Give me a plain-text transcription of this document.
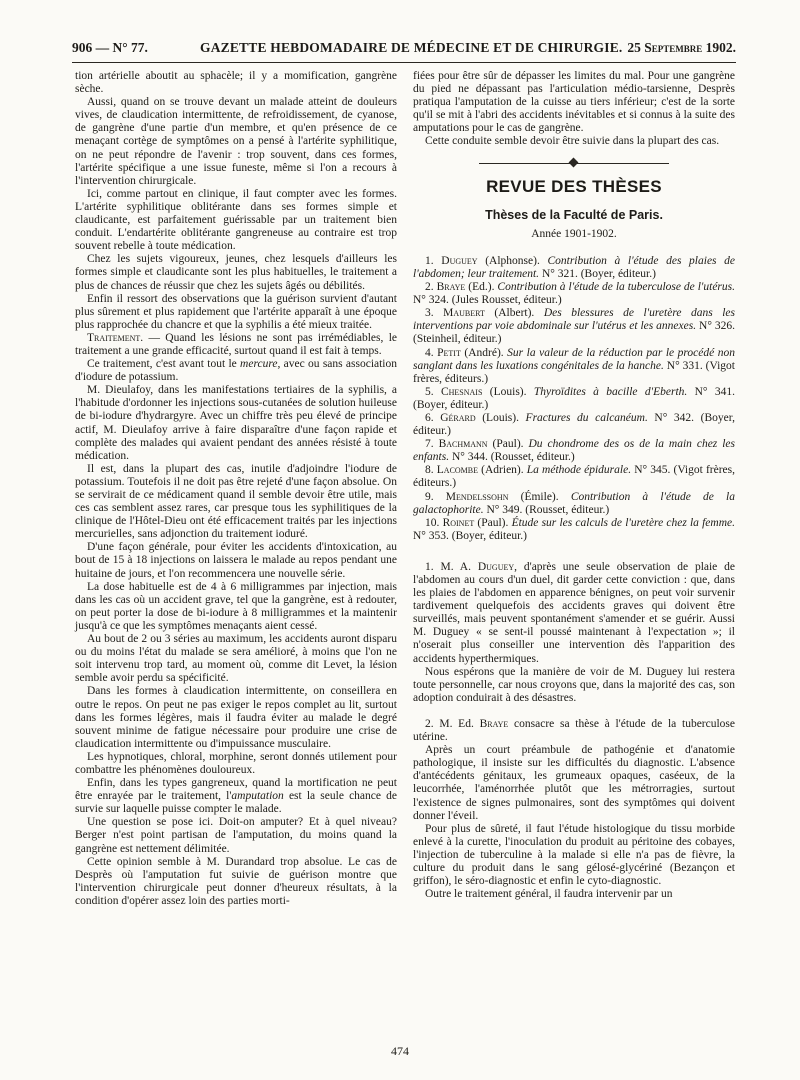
906 — N° 77.	GAZETTE HEBDOMADAIRE DE MÉDECINE ET DE CHIRURGIE. 25 Septembre 1902.

tion artérielle aboutit au sphacèle; il y a momification, gangrène sèche.

Aussi, quand on se trouve devant un malade atteint de douleurs vives, de claudication intermittente, de refroidissement, de cyanose, de gangrène d'une partie d'un membre, et qu'en présence de ce menaçant cortège de symptômes on a pensé à l'artérite syphilitique, on ne peut répondre de l'avenir : trop souvent, dans ces formes, l'artérite spécifique a une issue funeste, même si l'on a recours à l'intervention chirurgicale.

Ici, comme partout en clinique, il faut compter avec les formes. L'artérite syphilitique oblitérante dans ses formes simple et claudicante, est parfaitement guérissable par un traitement bien conduit. L'endartérite oblitérante gangreneuse au contraire est trop souvent rebelle à toute médication.

Chez les sujets vigoureux, jeunes, chez lesquels d'ailleurs les formes simple et claudicante sont les plus habituelles, le traitement a plus de chances de réussir que chez les sujets âgés ou débilités.

Enfin il ressort des observations que la guérison survient d'autant plus sûrement et plus rapidement que l'artérite apparaît à une époque plus rapprochée du chancre et que la syphilis a été mieux traitée.

Traitement. — Quand les lésions ne sont pas irrémédiables, le traitement a une grande efficacité, surtout quand il est fait à temps.

Ce traitement, c'est avant tout le mercure, avec ou sans association d'iodure de potassium.

M. Dieulafoy, dans les manifestations tertiaires de la syphilis, a l'habitude d'ordonner les injections sous-cutanées de solution huileuse de bi-iodure d'hydrargyre. Avec un chiffre très peu élevé de principe actif, M. Dieulafoy arrive à faire disparaître d'une façon rapide et complète des malades qui avaient pendant des années résisté à toute médication.

Il est, dans la plupart des cas, inutile d'adjoindre l'iodure de potassium. Toutefois il ne doit pas être rejeté d'une façon absolue. On se servirait de ce médicament quand il semble devoir être utile, mais ces cas semblent assez rares, car presque tous les syphilitiques de la clinique de l'Hôtel-Dieu ont été efficacement traités par les injections mercurielles, sans adjonction du traitement ioduré.

D'une façon générale, pour éviter les accidents d'intoxication, au bout de 15 à 18 injections on laissera le malade au repos pendant une huitaine de jours, et l'on recommencera une nouvelle série.

La dose habituelle est de 4 à 6 milligrammes par injection, mais dans les cas où un accident grave, tel que la gangrène, est à redouter, on peut porter la dose de bi-iodure à 8 milligrammes et la maintenir jusqu'à ce que les symptômes menaçants aient cessé.

Au bout de 2 ou 3 séries au maximum, les accidents auront disparu ou du moins l'état du malade se sera amélioré, à moins que l'on ne soit intervenu trop tard, au moment où, comme dit Levet, la lésion semble avoir perdu sa spécificité.

Dans les formes à claudication intermittente, on conseillera en outre le repos. On peut ne pas exiger le repos complet au lit, surtout dans les formes légères, mais il faudra éviter au malade le degré souvent minime de fatigue nécessaire pour produire une crise de claudication intermittente ou d'impuissance musculaire.

Les hypnotiques, chloral, morphine, seront donnés utilement pour combattre les phénomènes douloureux.

Enfin, dans les types gangreneux, quand la mortification ne peut être enrayée par le traitement, l'amputation est la seule chance de survie sur laquelle puisse compter le malade.

Une question se pose ici. Doit-on amputer? Et à quel niveau? Berger n'est point partisan de l'amputation, du moins quand la gangrène est nettement délimitée.

Cette opinion semble à M. Durandard trop absolue. Le cas de Desprès où l'amputation fut suivie de guérison montre que l'intervention chirurgicale peut donner d'heureux résultats, à la condition d'opérer assez loin des parties morti-

fiées pour être sûr de dépasser les limites du mal. Pour une gangrène du pied ne dépassant pas l'articulation médio-tarsienne, Desprès pratiqua l'amputation de la cuisse au tiers inférieur; c'est de la sorte qu'il se mit à l'abri des accidents inévitables et si connus à la suite des amputations pour le cas de gangrène.

Cette conduite semble devoir être suivie dans la plupart des cas.

REVUE DES THÈSES
Thèses de la Faculté de Paris.
Année 1901-1902.

1. Duguey (Alphonse). Contribution à l'étude des plaies de l'abdomen; leur traitement. N° 321. (Boyer, éditeur.)

2. Braye (Ed.). Contribution à l'étude de la tuberculose de l'utérus. N° 324. (Jules Rousset, éditeur.)

3. Maubert (Albert). Des blessures de l'uretère dans les interventions par voie abdominale sur l'utérus et les annexes. N° 326. (Steinheil, éditeur.)

4. Petit (André). Sur la valeur de la réduction par le procédé non sanglant dans les luxations congénitales de la hanche. N° 331. (Vigot frères, éditeurs.)

5. Chesnais (Louis). Thyroïdites à bacille d'Eberth. N° 341. (Boyer, éditeur.)

6. Gérard (Louis). Fractures du calcanéum. N° 342. (Boyer, éditeur.)

7. Bachmann (Paul). Du chondrome des os de la main chez les enfants. N° 344. (Rousset, éditeur.)

8. Lacombe (Adrien). La méthode épidurale. N° 345. (Vigot frères, éditeurs.)

9. Mendelssohn (Émile). Contribution à l'étude de la galactophorite. N° 349. (Rousset, éditeur.)

10. Roinet (Paul). Étude sur les calculs de l'uretère chez la femme. N° 353. (Boyer, éditeur.)

1. M. A. Duguey, d'après une seule observation de plaie de l'abdomen au cours d'un duel, dit garder cette conviction : que, dans les plaies de l'abdomen en apparence bénignes, on peut voir survenir tardivement quelquefois des accidents graves qui doivent être surveillés, mais peuvent spontanément s'amender et se guérir. Aussi M. Duguey « se sent-il poussé maintenant à l'expectation »; il n'oserait plus conseiller une intervention dès l'apparition des accidents hyperthermiques.

Nous espérons que la manière de voir de M. Duguey lui restera toute personnelle, car nous croyons que, dans la majorité des cas, son adoption conduirait à des désastres.

2. M. Ed. Braye consacre sa thèse à l'étude de la tuberculose utérine.

Après un court préambule de pathogénie et d'anatomie pathologique, il insiste sur les difficultés du diagnostic. L'absence d'antécédents génitaux, les grumeaux opaques, caséeux, de la leucorrhée, l'aménorrhée plutôt que les métrorragies, surtout l'existence de signes pulmonaires, sont des symptômes qui doivent donner l'éveil.

Pour plus de sûreté, il faut l'étude histologique du tissu morbide enlevé à la curette, l'inoculation du produit au péritoine des cobayes, l'injection de tuberculine à la malade si elle n'a pas de fièvre, la culture du produit dans le sang gélosé-glycériné (Bezançon et griffon), le séro-diagnostic et enfin le cyto-diagnostic.

Outre le traitement général, il faudra intervenir par un

474
